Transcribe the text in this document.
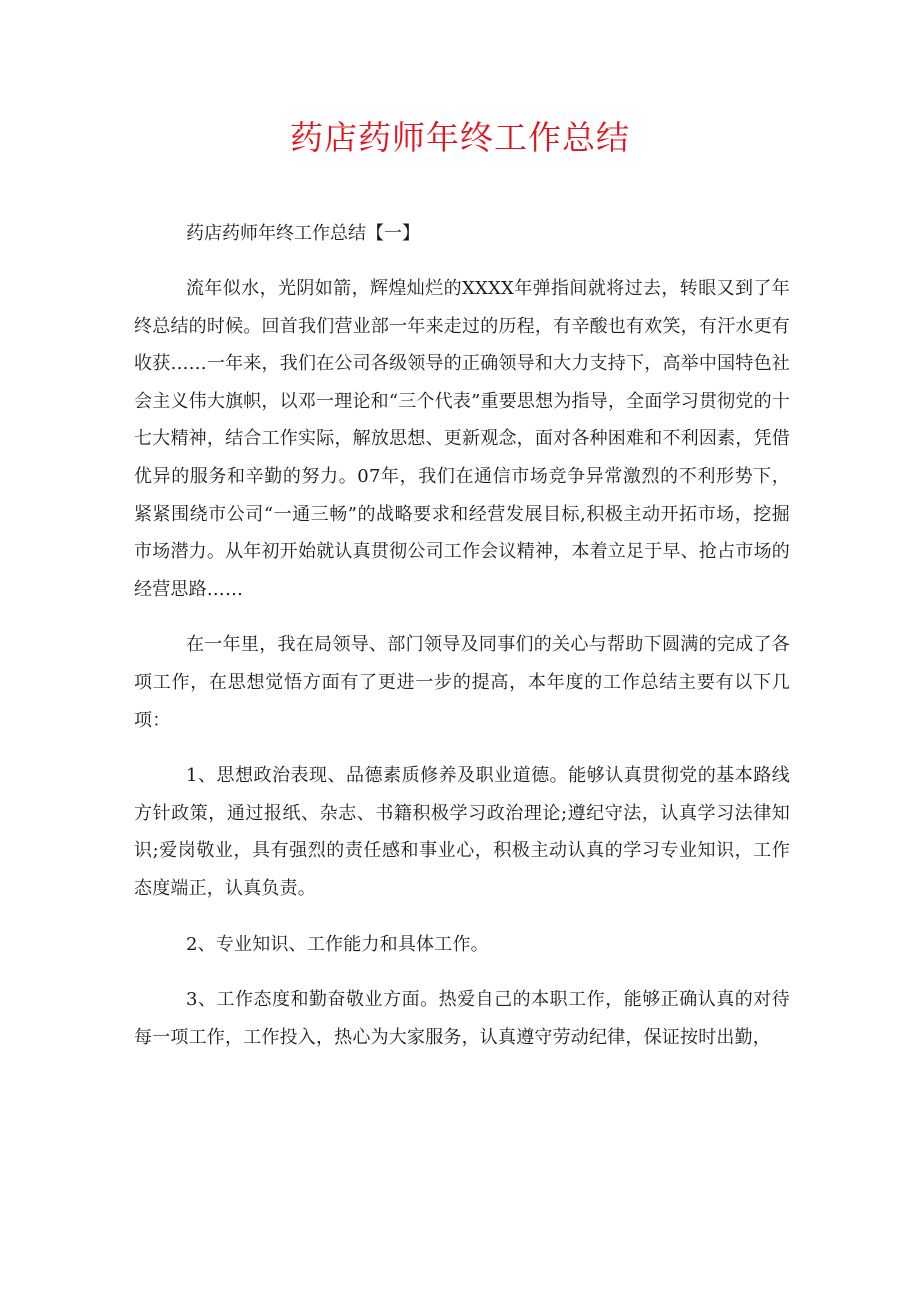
药店药师年终工作总结

药店药师年终工作总结【一】

流年似水，光阴如箭，辉煌灿烂的XXXX年弹指间就将过去，转眼又到了年终总结的时候。回首我们营业部一年来走过的历程，有辛酸也有欢笑，有汗水更有收获……一年来，我们在公司各级领导的正确领导和大力支持下，高举中国特色社会主义伟大旗帜，以邓一理论和“三个代表”重要思想为指导，全面学习贯彻党的十七大精神，结合工作实际，解放思想、更新观念，面对各种困难和不利因素，凭借优异的服务和辛勤的努力。07年，我们在通信市场竞争异常激烈的不利形势下，紧紧围绕市公司“一通三畅”的战略要求和经营发展目标,积极主动开拓市场，挖掘市场潜力。从年初开始就认真贯彻公司工作会议精神，本着立足于早、抢占市场的经营思路……

在一年里，我在局领导、部门领导及同事们的关心与帮助下圆满的完成了各项工作，在思想觉悟方面有了更进一步的提高，本年度的工作总结主要有以下几项：

1、思想政治表现、品德素质修养及职业道德。能够认真贯彻党的基本路线方针政策，通过报纸、杂志、书籍积极学习政治理论;遵纪守法，认真学习法律知识;爱岗敬业，具有强烈的责任感和事业心，积极主动认真的学习专业知识，工作态度端正，认真负责。

2、专业知识、工作能力和具体工作。

3、工作态度和勤奋敬业方面。热爱自己的本职工作，能够正确认真的对待每一项工作，工作投入，热心为大家服务，认真遵守劳动纪律，保证按时出勤，
